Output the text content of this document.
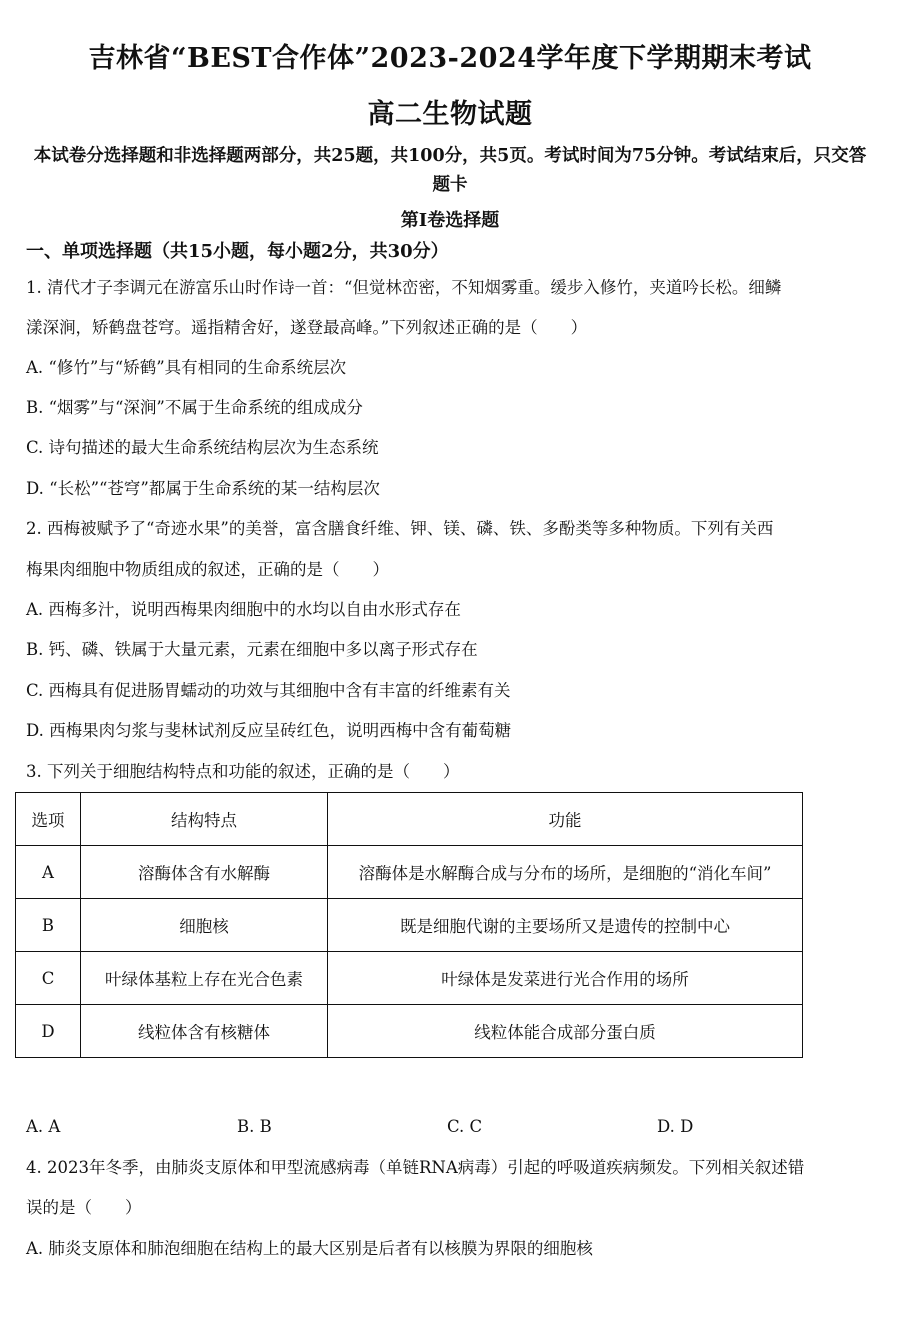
吉林省“BEST合作体”2023-2024学年度下学期期末考试
高二生物试题
本试卷分选择题和非选择题两部分，共25题，共100分，共5页。考试时间为75分钟。考试结束后，只交答题卡
第I卷选择题
一、单项选择题（共15小题，每小题2分，共30分）
1. 清代才子李调元在游富乐山时作诗一首：“但觉林峦密，不知烟雾重。缓步入修竹，夹道吟长松。细鳞
漾深涧，矫鹤盘苍穹。遥指精舍好，遂登最高峰。”下列叙述正确的是（　　）
A. “修竹”与“矫鹤”具有相同的生命系统层次
B. “烟雾”与“深涧”不属于生命系统的组成成分
C. 诗句描述的最大生命系统结构层次为生态系统
D. “长松”“苍穹”都属于生命系统的某一结构层次
2. 西梅被赋予了“奇迹水果”的美誉，富含膳食纤维、钾、镁、磷、铁、多酚类等多种物质。下列有关西
梅果肉细胞中物质组成的叙述，正确的是（　　）
A. 西梅多汁，说明西梅果肉细胞中的水均以自由水形式存在
B. 钙、磷、铁属于大量元素，元素在细胞中多以离子形式存在
C. 西梅具有促进肠胃蠕动的功效与其细胞中含有丰富的纤维素有关
D. 西梅果肉匀浆与斐林试剂反应呈砖红色，说明西梅中含有葡萄糖
3. 下列关于细胞结构特点和功能的叙述，正确的是（　　）
选项	结构特点	功能
A	溶酶体含有水解酶	溶酶体是水解酶合成与分布的场所，是细胞的“消化车间”
B	细胞核	既是细胞代谢的主要场所又是遗传的控制中心
C	叶绿体基粒上存在光合色素	叶绿体是发菜进行光合作用的场所
D	线粒体含有核糖体	线粒体能合成部分蛋白质
A. A	B. B	C. C	D. D
4. 2023年冬季，由肺炎支原体和甲型流感病毒（单链RNA病毒）引起的呼吸道疾病频发。下列相关叙述错
误的是（　　）
A. 肺炎支原体和肺泡细胞在结构上的最大区别是后者有以核膜为界限的细胞核
